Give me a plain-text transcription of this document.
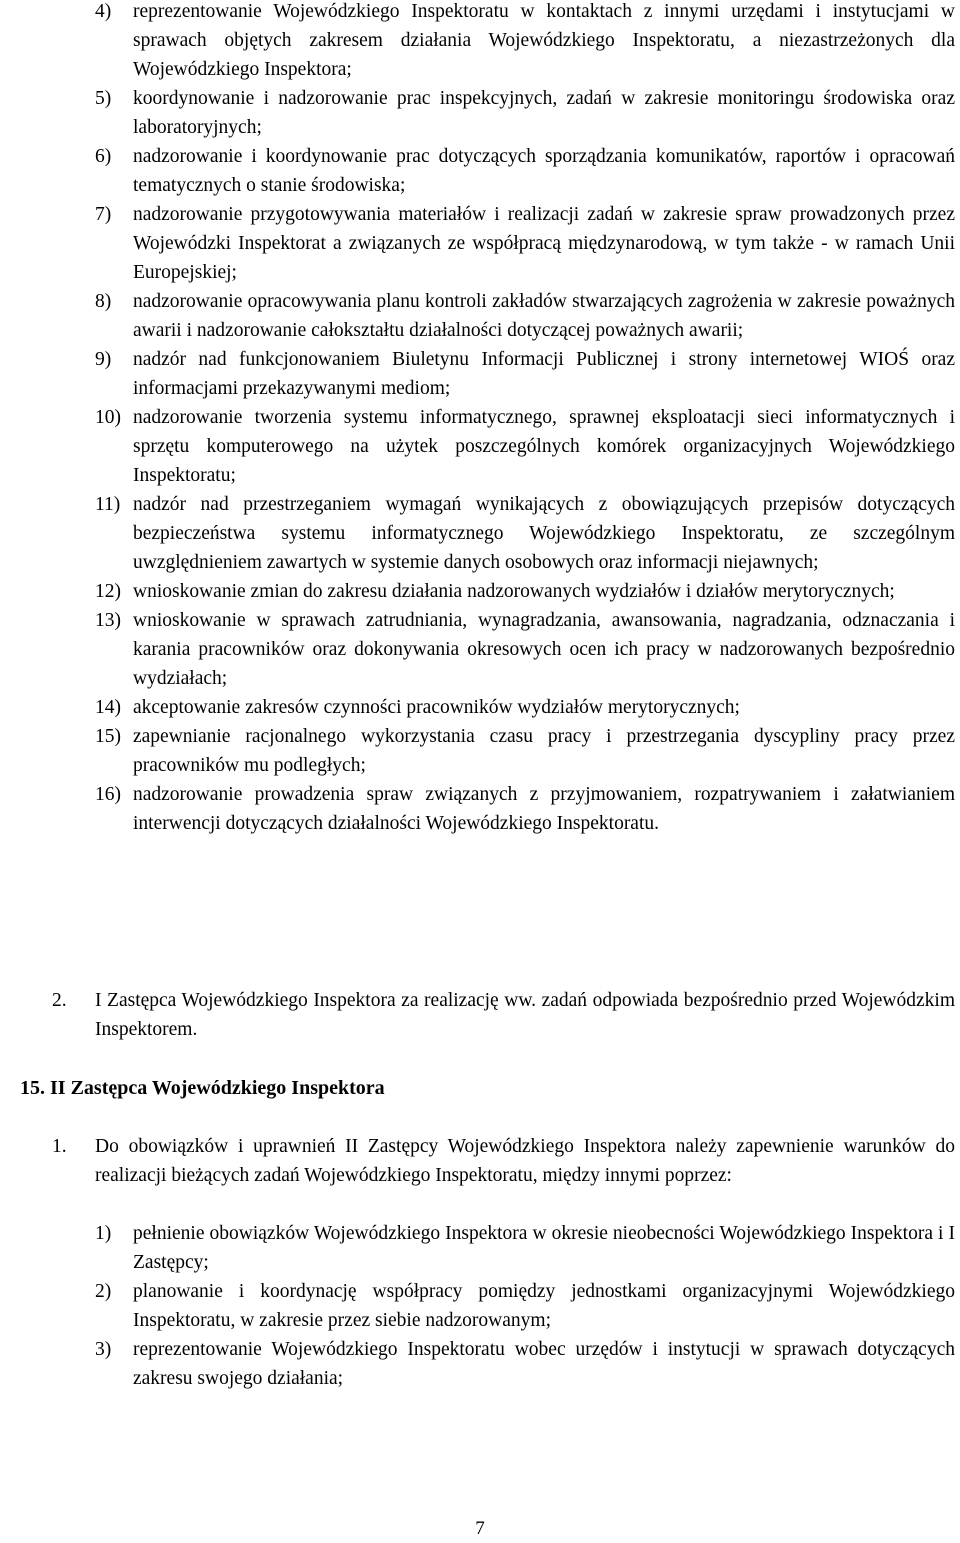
4) reprezentowanie Wojewódzkiego Inspektoratu w kontaktach z innymi urzędami i instytucjami w sprawach objętych zakresem działania Wojewódzkiego Inspektoratu, a niezastrzeżonych dla Wojewódzkiego Inspektora;
5) koordynowanie i nadzorowanie prac inspekcyjnych, zadań w zakresie monitoringu środowiska oraz laboratoryjnych;
6) nadzorowanie i koordynowanie prac dotyczących sporządzania komunikatów, raportów i opracowań tematycznych o stanie środowiska;
7) nadzorowanie przygotowywania materiałów i realizacji zadań w zakresie spraw prowadzonych przez Wojewódzki Inspektorat a związanych ze współpracą międzynarodową, w tym także - w ramach Unii Europejskiej;
8) nadzorowanie opracowywania planu kontroli zakładów stwarzających zagrożenia w zakresie poważnych awarii i nadzorowanie całokształtu działalności dotyczącej poważnych awarii;
9) nadzór nad funkcjonowaniem Biuletynu Informacji Publicznej i strony internetowej WIOŚ oraz informacjami przekazywanymi mediom;
10) nadzorowanie tworzenia systemu informatycznego, sprawnej eksploatacji sieci informatycznych i sprzętu komputerowego na użytek poszczególnych komórek organizacyjnych Wojewódzkiego Inspektoratu;
11) nadzór nad przestrzeganiem wymagań wynikających z obowiązujących przepisów dotyczących bezpieczeństwa systemu informatycznego Wojewódzkiego Inspektoratu, ze szczególnym uwzględnieniem zawartych w systemie danych osobowych oraz informacji niejawnych;
12) wnioskowanie zmian do zakresu działania nadzorowanych wydziałów i działów merytorycznych;
13) wnioskowanie w sprawach zatrudniania, wynagradzania, awansowania, nagradzania, odznaczania i karania pracowników oraz dokonywania okresowych ocen ich pracy w nadzorowanych bezpośrednio wydziałach;
14) akceptowanie zakresów czynności pracowników wydziałów merytorycznych;
15) zapewnianie racjonalnego wykorzystania czasu pracy i przestrzegania dyscypliny pracy przez pracowników mu podległych;
16) nadzorowanie prowadzenia spraw związanych z przyjmowaniem, rozpatrywaniem i załatwianiem interwencji dotyczących działalności Wojewódzkiego Inspektoratu.
2. I Zastępca Wojewódzkiego Inspektora za realizację ww. zadań odpowiada bezpośrednio przed Wojewódzkim Inspektorem.
15. II Zastępca Wojewódzkiego Inspektora
1. Do obowiązków i uprawnień II Zastępcy Wojewódzkiego Inspektora należy zapewnienie warunków do realizacji bieżących zadań Wojewódzkiego Inspektoratu, między innymi poprzez:
1) pełnienie obowiązków Wojewódzkiego Inspektora w okresie nieobecności Wojewódzkiego Inspektora i I Zastępcy;
2) planowanie i koordynację współpracy pomiędzy jednostkami organizacyjnymi Wojewódzkiego Inspektoratu, w zakresie przez siebie nadzorowanym;
3) reprezentowanie Wojewódzkiego Inspektoratu wobec urzędów i instytucji w sprawach dotyczących zakresu swojego działania;
7
